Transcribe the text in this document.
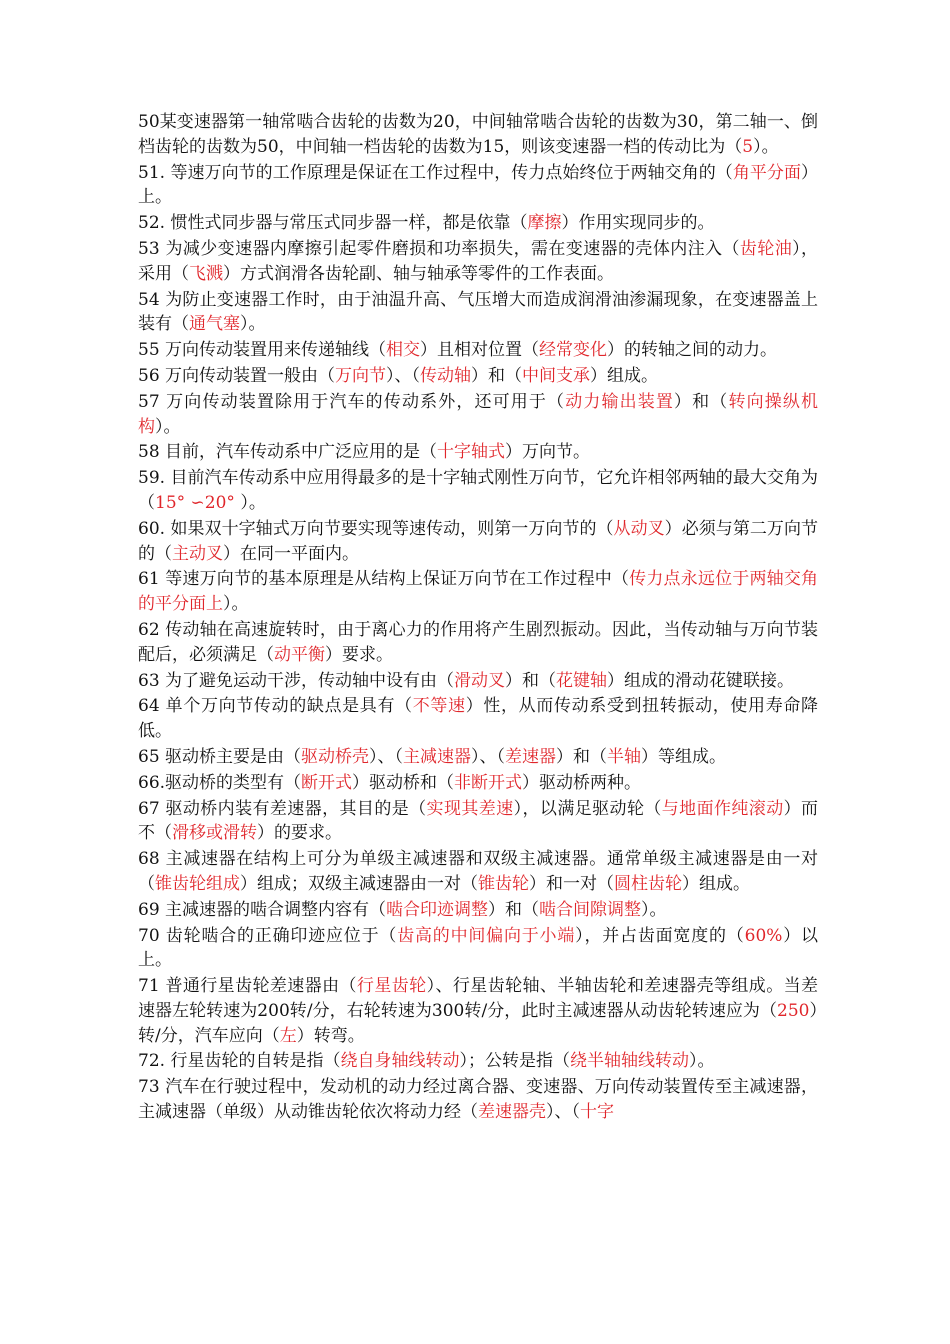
50某变速器第一轴常啮合齿轮的齿数为20，中间轴常啮合齿轮的齿数为30，第二轴一、倒档齿轮的齿数为50，中间轴一档齿轮的齿数为15，则该变速器一档的传动比为（5）。

51. 等速万向节的工作原理是保证在工作过程中，传力点始终位于两轴交角的（角平分面）上。

52. 惯性式同步器与常压式同步器一样，都是依靠（摩擦）作用实现同步的。

53 为减少变速器内摩擦引起零件磨损和功率损失，需在变速器的壳体内注入（齿轮油），采用（飞溅）方式润滑各齿轮副、轴与轴承等零件的工作表面。

54 为防止变速器工作时，由于油温升高、气压增大而造成润滑油渗漏现象，在变速器盖上装有（通气塞）。

55 万向传动装置用来传递轴线（相交）且相对位置（经常变化）的转轴之间的动力。

56 万向传动装置一般由（万向节）、（传动轴）和（中间支承）组成。

57 万向传动装置除用于汽车的传动系外，还可用于（动力输出装置）和（转向操纵机构）。

58 目前，汽车传动系中广泛应用的是（十字轴式）万向节。

59. 目前汽车传动系中应用得最多的是十字轴式刚性万向节，它允许相邻两轴的最大交角为（15° ∽20° ）。

60. 如果双十字轴式万向节要实现等速传动，则第一万向节的（从动叉）必须与第二万向节的（主动叉）在同一平面内。

61 等速万向节的基本原理是从结构上保证万向节在工作过程中（传力点永远位于两轴交角的平分面上）。

62 传动轴在高速旋转时，由于离心力的作用将产生剧烈振动。因此，当传动轴与万向节装配后，必须满足（动平衡）要求。

63 为了避免运动干涉，传动轴中设有由（滑动叉）和（花键轴）组成的滑动花键联接。

64 单个万向节传动的缺点是具有（不等速）性，从而传动系受到扭转振动，使用寿命降低。

65 驱动桥主要是由（驱动桥壳）、（主减速器）、（差速器）和（半轴）等组成。

66.驱动桥的类型有（断开式）驱动桥和（非断开式）驱动桥两种。

67 驱动桥内装有差速器，其目的是（实现其差速），以满足驱动轮（与地面作纯滚动）而不（滑移或滑转）的要求。

68 主减速器在结构上可分为单级主减速器和双级主减速器。通常单级主减速器是由一对（锥齿轮组成）组成；双级主减速器由一对（锥齿轮）和一对（圆柱齿轮）组成。

69 主减速器的啮合调整内容有（啮合印迹调整）和（啮合间隙调整）。

70 齿轮啮合的正确印迹应位于（齿高的中间偏向于小端），并占齿面宽度的（60%）以上。

71 普通行星齿轮差速器由（行星齿轮）、行星齿轮轴、半轴齿轮和差速器壳等组成。当差速器左轮转速为200转/分，右轮转速为300转/分，此时主减速器从动齿轮转速应为（250）转/分，汽车应向（左）转弯。

72. 行星齿轮的自转是指（绕自身轴线转动）；公转是指（绕半轴轴线转动）。

73 汽车在行驶过程中，发动机的动力经过离合器、变速器、万向传动装置传至主减速器，主减速器（单级）从动锥齿轮依次将动力经（差速器壳）、（十字
